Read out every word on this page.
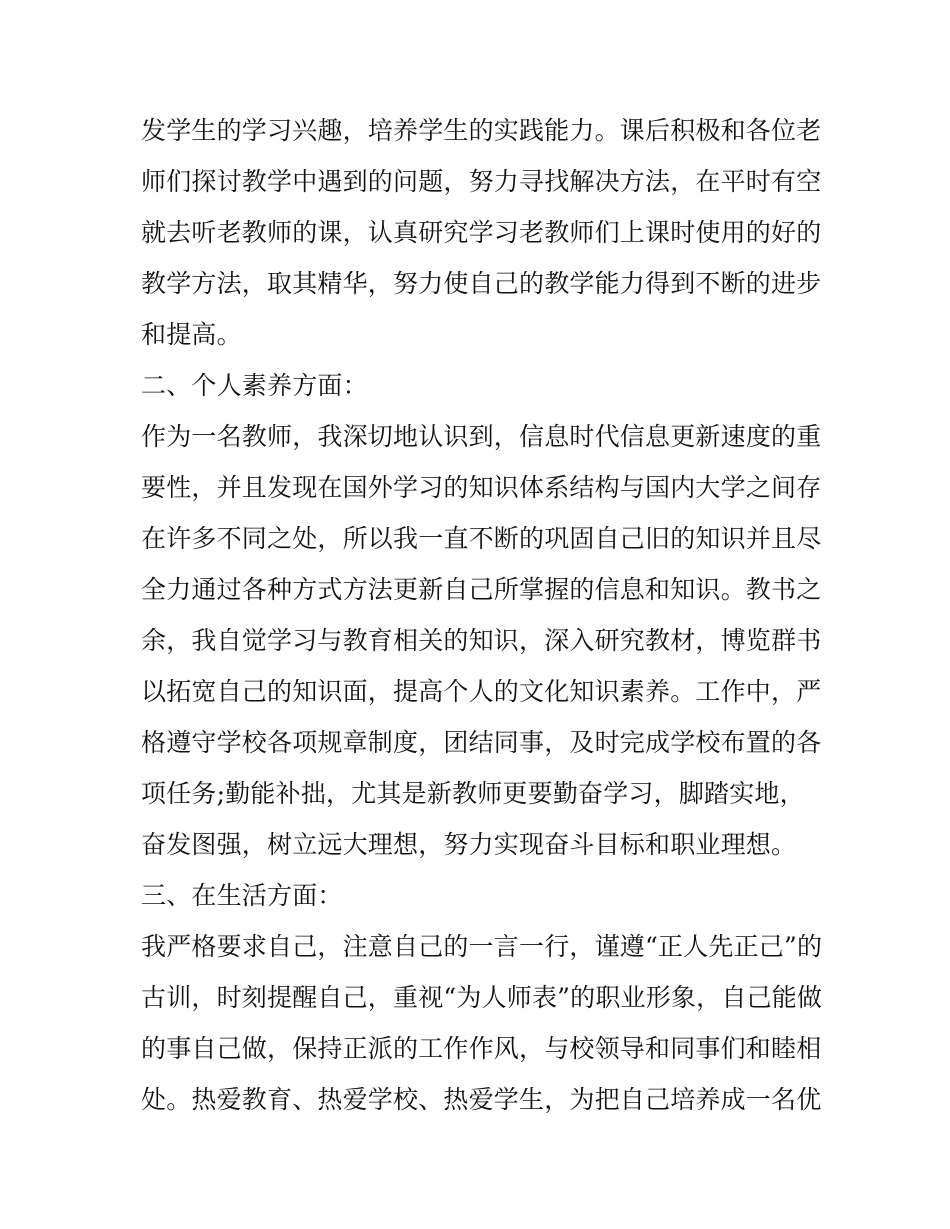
发学生的学习兴趣，培养学生的实践能力。课后积极和各位老
师们探讨教学中遇到的问题，努力寻找解决方法，在平时有空
就去听老教师的课，认真研究学习老教师们上课时使用的好的
教学方法，取其精华，努力使自己的教学能力得到不断的进步
和提高。
二、个人素养方面：
作为一名教师，我深切地认识到，信息时代信息更新速度的重
要性，并且发现在国外学习的知识体系结构与国内大学之间存
在许多不同之处，所以我一直不断的巩固自己旧的知识并且尽
全力通过各种方式方法更新自己所掌握的信息和知识。教书之
余，我自觉学习与教育相关的知识，深入研究教材，博览群书
以拓宽自己的知识面，提高个人的文化知识素养。工作中，严
格遵守学校各项规章制度，团结同事，及时完成学校布置的各
项任务;勤能补拙，尤其是新教师更要勤奋学习，脚踏实地，
奋发图强，树立远大理想，努力实现奋斗目标和职业理想。
三、在生活方面：
我严格要求自己，注意自己的一言一行，谨遵“正人先正己”的
古训，时刻提醒自己，重视“为人师表”的职业形象，自己能做
的事自己做，保持正派的工作作风，与校领导和同事们和睦相
处。热爱教育、热爱学校、热爱学生，为把自己培养成一名优
